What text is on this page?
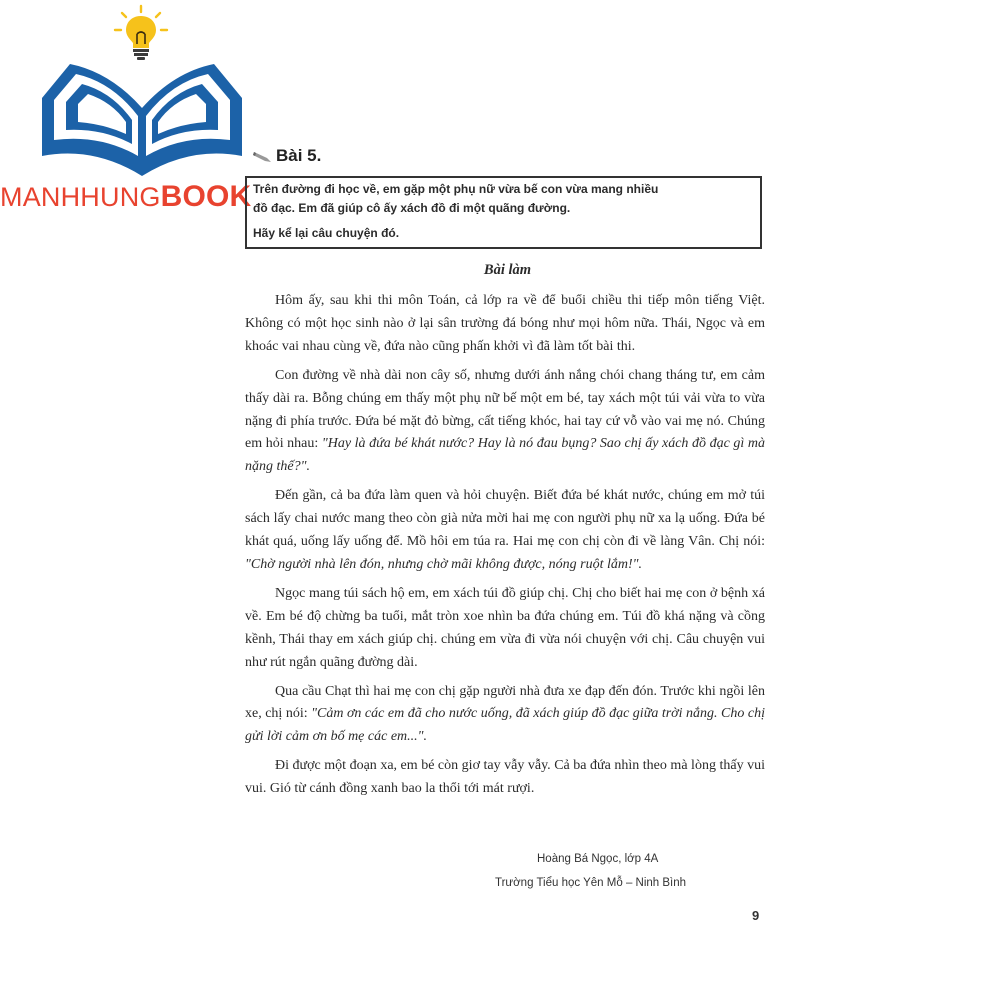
MANHHUNGBOOK
Bài 5.

Trên đường đi học về, em gặp một phụ nữ vừa bế con vừa mang nhiều

đồ đạc. Em đã giúp cô ấy xách đồ đi một quãng đường.

Hãy kể lại câu chuyện đó.

Bài làm

Hôm ấy, sau khi thi môn Toán, cả lớp ra về để buổi chiều thi tiếp môn tiếng Việt. Không có một học sinh nào ở lại sân trường đá bóng như mọi hôm nữa. Thái, Ngọc và em khoác vai nhau cùng về, đứa nào cũng phấn khởi vì đã làm tốt bài thi.

Con đường về nhà dài non cây số, nhưng dưới ánh nắng chói chang tháng tư, em cảm thấy dài ra. Bỗng chúng em thấy một phụ nữ bế một em bé, tay xách một túi vải vừa to vừa nặng đi phía trước. Đứa bé mặt đỏ bừng, cất tiếng khóc, hai tay cứ vỗ vào vai mẹ nó. Chúng em hỏi nhau: "Hay là đứa bé khát nước? Hay là nó đau bụng? Sao chị ấy xách đồ đạc gì mà nặng thế?".

Đến gần, cả ba đứa làm quen và hỏi chuyện. Biết đứa bé khát nước, chúng em mở túi sách lấy chai nước mang theo còn già nửa mời hai mẹ con người phụ nữ xa lạ uống. Đứa bé khát quá, uống lấy uống để. Mồ hôi em túa ra. Hai mẹ con chị còn đi về làng Vân. Chị nói: "Chờ người nhà lên đón, nhưng chờ mãi không được, nóng ruột lắm!".

Ngọc mang túi sách hộ em, em xách túi đồ giúp chị. Chị cho biết hai mẹ con ở bệnh xá về. Em bé độ chừng ba tuổi, mắt tròn xoe nhìn ba đứa chúng em. Túi đồ khá nặng và cồng kềnh, Thái thay em xách giúp chị. chúng em vừa đi vừa nói chuyện với chị. Câu chuyện vui như rút ngắn quãng đường dài.

Qua cầu Chạt thì hai mẹ con chị gặp người nhà đưa xe đạp đến đón. Trước khi ngồi lên xe, chị nói: "Cảm ơn các em đã cho nước uống, đã xách giúp đồ đạc giữa trời nắng. Cho chị gửi lời cảm ơn bố mẹ các em...".

Đi được một đoạn xa, em bé còn giơ tay vẫy vẫy. Cả ba đứa nhìn theo mà lòng thấy vui vui. Gió từ cánh đồng xanh bao la thổi tới mát rượi.

Hoàng Bá Ngọc, lớp 4A
Trường Tiểu học Yên Mỗ – Ninh Bình
9
